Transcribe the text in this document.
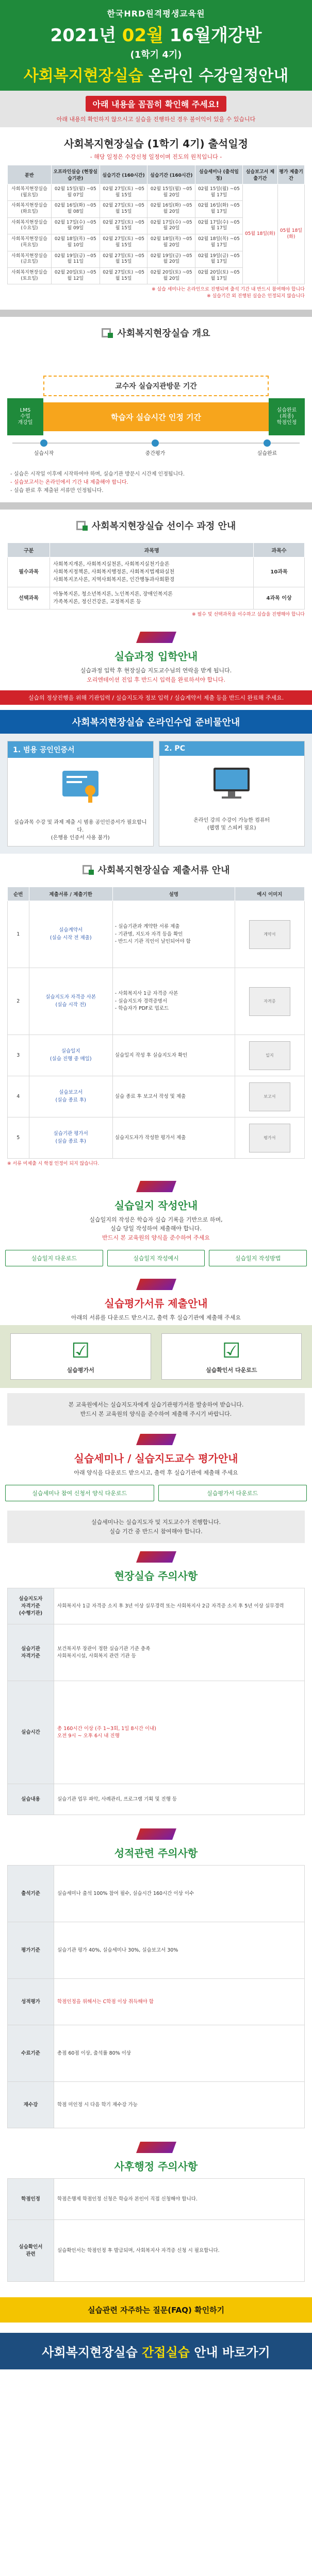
한국HRD원격평생교육원
2021년 02월 16월개강반
(1학기 4기)
사회복지현장실습 온라인 수강일정안내
아래 내용을 꼼꼼히 확인해 주세요!
아래 내용의 확인하지 않으시고 실습을 진행하신 경우 불이익이 있을 수 있습니다
사회복지현장실습 (1학기 4기) 출석일정
- 해당 일정은 수강신청 일정이며 진도의 원칙입니다 -
분반	오프라인실습 (현장실습기관)	실습기간 (160시간)	실습기간 (160시간)	실습세미나 (출석일정)	실습보고서 제출기간	평가 제출기간
사회복지현장실습 (월요일)	02월 15일(월) ~05월 07일	02월 27일(토) ~05월 15일	02월 15일(월) ~05월 20일	02월 15일(월) ~05월 17일	05월 18일(화)	05월 18일(화)
사회복지현장실습 (화요일)	02월 16일(화) ~05월 08일	02월 27일(토) ~05월 15일	02월 16일(화) ~05월 20일	02월 16일(화) ~05월 17일		
사회복지현장실습 (수요일)	02월 17일(수) ~05월 09일	02월 27일(토) ~05월 15일	02월 17일(수) ~05월 20일	02월 17일(수) ~05월 17일		
사회복지현장실습 (목요일)	02월 18일(목) ~05월 10일	02월 27일(토) ~05월 15일	02월 18일(목) ~05월 20일	02월 18일(목) ~05월 17일		
사회복지현장실습 (금요일)	02월 19일(금) ~05월 11일	02월 27일(토) ~05월 15일	02월 19일(금) ~05월 20일	02월 19일(금) ~05월 17일		
사회복지현장실습 (토요일)	02월 20일(토) ~05월 12일	02월 27일(토) ~05월 15일	02월 20일(토) ~05월 20일	02월 20일(토) ~05월 17일		
※ 실습 세미나는 온라인으로 진행되며 출석 기간 내 반드시 참여해야 합니다
※ 실습기간 외 진행된 실습은 인정되지 않습니다
사회복지현장실습 개요
교수자 실습지관방문 기간
LMS
수업
개강일
학습자 실습시간 인정 기간
실습완료
(최종)
학점인정
실습시작	중간평가	실습완료
- 실습은 시작일 이후에 시작하여야 하며, 실습기관 방문시 시간제 인정됩니다.
- 실습보고서는 온라인에서 기간 내 제출해야 합니다.
- 실습 완료 후 제출된 서류만 인정됩니다.
사회복지현장실습 선이수 과정 안내
구분	과목명	과목수
필수과목	사회복지개론, 사회복지실천론, 사회복지실천기술론
사회복지정책론, 사회복지행정론, 사회복지법제와실천
사회복지조사론, 지역사회복지론, 인간행동과사회환경	10과목
선택과목	아동복지론, 청소년복지론, 노인복지론, 장애인복지론
가족복지론, 정신건강론, 교정복지론 등	4과목 이상
※ 필수 및 선택과목을 이수하고 실습을 진행해야 합니다
실습과정 입학안내
실습과정 입학 후 현장실습 지도교수님의 연락을 받게 됩니다.
오리엔테이션 진입 후 반드시 입력을 완료하셔야 합니다.
실습의 정상진행을 위해 기관입력 / 실습지도자 정보 입력 / 실습계약서 제출 등을 반드시 완료해 주세요.
사회복지현장실습 온라인수업 준비물안내
1. 범용 공인인증서
실습과목 수강 및 과제 제출 시 범용 공인인증서가 필요합니다.
(은행용 인증서 사용 불가)
2. PC
온라인 강의 수강이 가능한 컴퓨터
(웹캠 및 스피커 필요)
사회복지현장실습 제출서류 안내
순번	제출서류 / 제출기한	설명	예시 이미지
1	실습계약서
(실습 시작 전 제출)	- 실습기관과 계약한 서류 제출
- 기관명, 지도자 자격 등을 확인
- 반드시 기관 직인이 날인되어야 함	계약서

2	실습지도자 자격증 사본
(실습 시작 전)	- 사회복지사 1급 자격증 사본
- 실습지도자 경력증명서
- 학습자가 PDF로 업로드	자격증

3	실습일지
(실습 진행 중 매일)	실습일지 작성 후 실습지도자 확인	일지

4	실습보고서
(실습 종료 후)	실습 종료 후 보고서 작성 및 제출	보고서

5	실습기관 평가서
(실습 종료 후)	실습지도자가 작성한 평가서 제출	평가서
※ 서류 미제출 시 학점 인정이 되지 않습니다.
실습일지 작성안내
실습일지의 작성은 학습자 실습 기록을 기반으로 하며,
실습 당일 작성하여 제출해야 합니다.
반드시 본 교육원의 양식을 준수하여 주세요
실습일지 다운로드	실습일지 작성예시	실습일지 작성방법
실습평가서류 제출안내
아래의 서류를 다운로드 받으시고, 출력 후 실습기관에 제출해 주세요
☑
실습평가서
☑
실습확인서 다운로드
본 교육원에서는 실습지도자에게 실습기관평가서를 발송하여 받습니다.
반드시 본 교육원의 양식을 준수하여 제출해 주시기 바랍니다.
실습세미나 / 실습지도교수 평가안내
아래 양식을 다운로드 받으시고, 출력 후 실습기관에 제출해 주세요
실습세미나 참여 신청서 양식 다운로드	실습평가서 다운로드
실습세미나는 실습지도자 및 지도교수가 진행합니다.
실습 기간 중 반드시 참여해야 합니다.
현장실습 주의사항
실습지도자
자격기준
(수행기관)	사회복지사 1급 자격증 소지 후 3년 이상 실무경력 또는 사회복지사 2급 자격증 소지 후 5년 이상 실무경력
실습기관
자격기준	보건복지부 장관이 정한 실습기관 기준 충족
사회복지시설, 사회복지 관련 기관 등
실습시간	총 160시간 이상 (주 1~3회, 1일 8시간 이내)
오전 9시 ~ 오후 6시 내 진행
실습내용	실습기관 업무 파악, 사례관리, 프로그램 기획 및 진행 등
성적관련 주의사항
출석기준	실습세미나 출석 100% 참여 필수, 실습시간 160시간 이상 이수
평가기준	실습기관 평가 40%, 실습세미나 30%, 실습보고서 30%
성적평가	학점인정을 위해서는 C학점 이상 취득해야 함
수료기준	총점 60점 이상, 출석률 80% 이상
재수강	학점 미인정 시 다음 학기 재수강 가능
사후행정 주의사항
학점인정	학점은행제 학점인정 신청은 학습자 본인이 직접 신청해야 합니다.
실습확인서
관련	실습확인서는 학점인정 후 발급되며, 사회복지사 자격증 신청 시 필요합니다.
실습관련 자주하는 질문(FAQ) 확인하기
사회복지현장실습 간접실습 안내 바로가기
